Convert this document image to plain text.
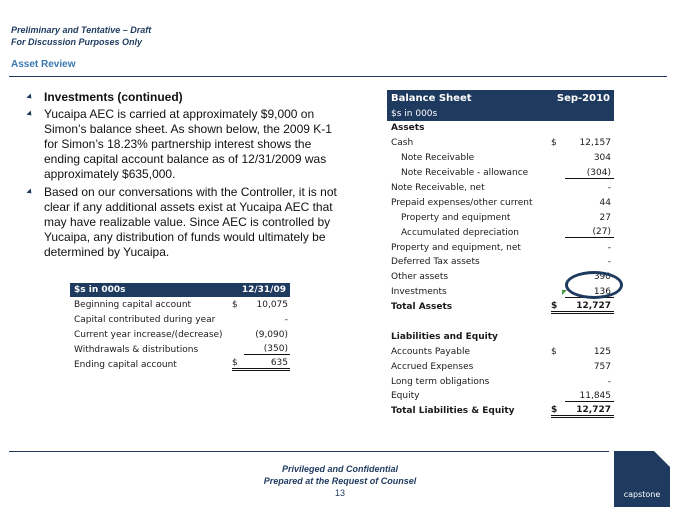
Preliminary and Tentative – Draft
For Discussion Purposes Only
Asset Review
Investments (continued)
Yucaipa AEC is carried at approximately $9,000 on Simon’s balance sheet. As shown below, the 2009 K-1 for Simon’s 18.23% partnership interest shows the ending capital account balance as of 12/31/2009 was approximately $635,000.
Based on our conversations with the Controller, it is not clear if any additional assets exist at Yucaipa AEC that may have realizable value. Since AEC is controlled by Yucaipa, any distribution of funds would ultimately be determined by Yucaipa.
Balance Sheet	Sep-2010
$s in 000s
Assets
Cash	$	12,157
Note Receivable	304
Note Receivable - allowance	(304)
Note Receivable, net	-
Prepaid expenses/other current	44
Property and equipment	27
Accumulated depreciation	(27)
Property and equipment, net	-
Deferred Tax assets	-
Other assets	390
Investments	136
Total Assets	$	12,727
Liabilities and Equity
Accounts Payable	$	125
Accrued Expenses	757
Long term obligations	-
Equity	11,845
Total Liabilities & Equity	$	12,727
$s in 000s	12/31/09
Beginning capital account	$	10,075
Capital contributed during year	-
Current year increase/(decrease)	(9,090)
Withdrawals & distributions	(350)
Ending capital account	$	635
Privileged and Confidential
Prepared at the Request of Counsel
13	capstone
